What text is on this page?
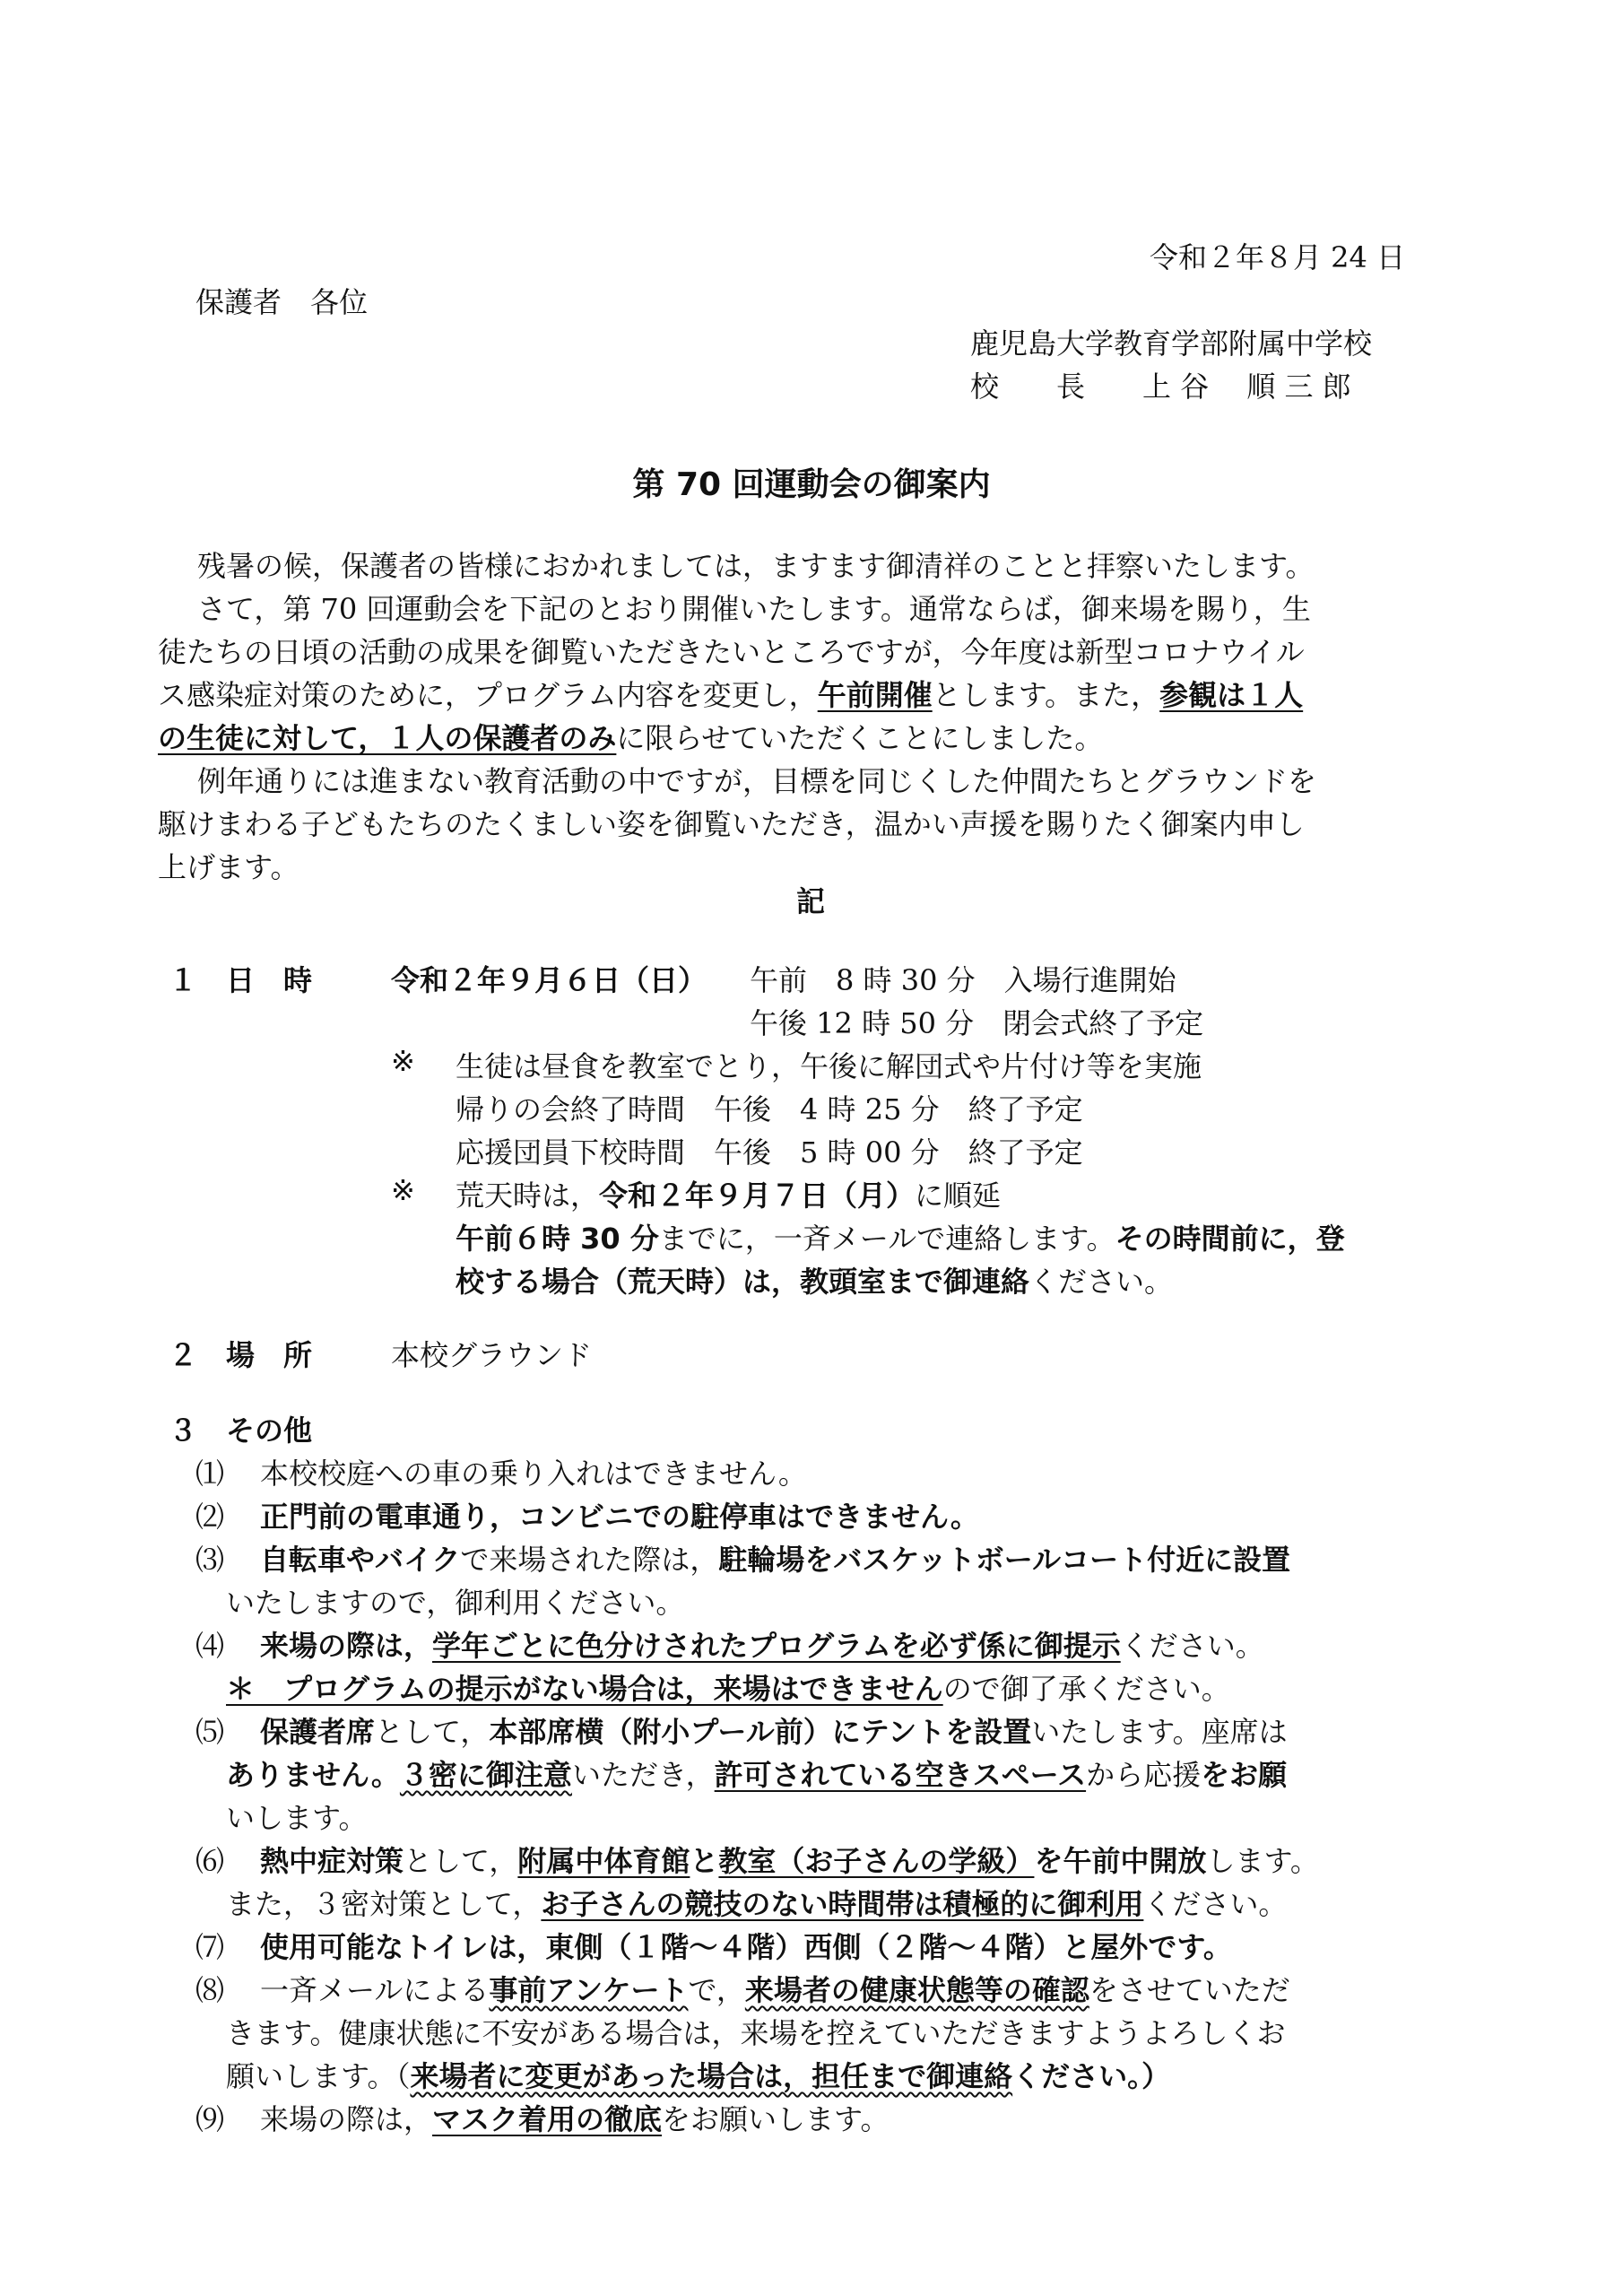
令和２年８月 24 日
保護者　各位
鹿児島大学教育学部附属中学校
校　　長　　上 谷　 順 三 郎
第 70 回運動会の御案内
残暑の候，保護者の皆様におかれましては，ますます御清祥のことと拝察いたします。
さて，第 70 回運動会を下記のとおり開催いたします。通常ならば，御来場を賜り，生
徒たちの日頃の活動の成果を御覧いただきたいところですが，今年度は新型コロナウイル
ス感染症対策のために，プログラム内容を変更し，午前開催とします。また，参観は１人
の生徒に対して，１人の保護者のみに限らせていただくことにしました。
例年通りには進まない教育活動の中ですが，目標を同じくした仲間たちとグラウンドを
駆けまわる子どもたちのたくましい姿を御覧いただき，温かい声援を賜りたく御案内申し
上げます。
記
１　日　時	令和２年９月６日（日） 午前　8 時 30 分　入場行進開始
午後 12 時 50 分　閉会式終了予定
※ 生徒は昼食を教室でとり，午後に解団式や片付け等を実施
帰りの会終了時間　午後　4 時 25 分　終了予定
応援団員下校時間　午後　5 時 00 分　終了予定
※ 荒天時は，令和２年９月７日（月）に順延
午前６時 30 分までに，一斉メールで連絡します。その時間前に，登
校する場合（荒天時）は，教頭室まで御連絡ください。
２　場　所	本校グラウンド
３　その他
⑴ 本校校庭への車の乗り入れはできません。
⑵ 正門前の電車通り，コンビニでの駐停車はできません。
⑶ 自転車やバイクで来場された際は，駐輪場をバスケットボールコート付近に設置
いたしますので，御利用ください。
⑷ 来場の際は，学年ごとに色分けされたプログラムを必ず係に御提示ください。
＊　プログラムの提示がない場合は，来場はできませんので御了承ください。
⑸ 保護者席として，本部席横（附小プール前）にテントを設置いたします。座席は
ありません。３密に御注意いただき，許可されている空きスペースから応援をお願
いします。
⑹ 熱中症対策として，附属中体育館と教室（お子さんの学級）を午前中開放します。
また，３密対策として，お子さんの競技のない時間帯は積極的に御利用ください。
⑺ 使用可能なトイレは，東側（１階～４階）西側（２階～４階）と屋外です。
⑻ 一斉メールによる事前アンケートで，来場者の健康状態等の確認をさせていただ
きます。健康状態に不安がある場合は，来場を控えていただきますようよろしくお
願いします。（来場者に変更があった場合は，担任まで御連絡ください。）
⑼ 来場の際は，マスク着用の徹底をお願いします。
